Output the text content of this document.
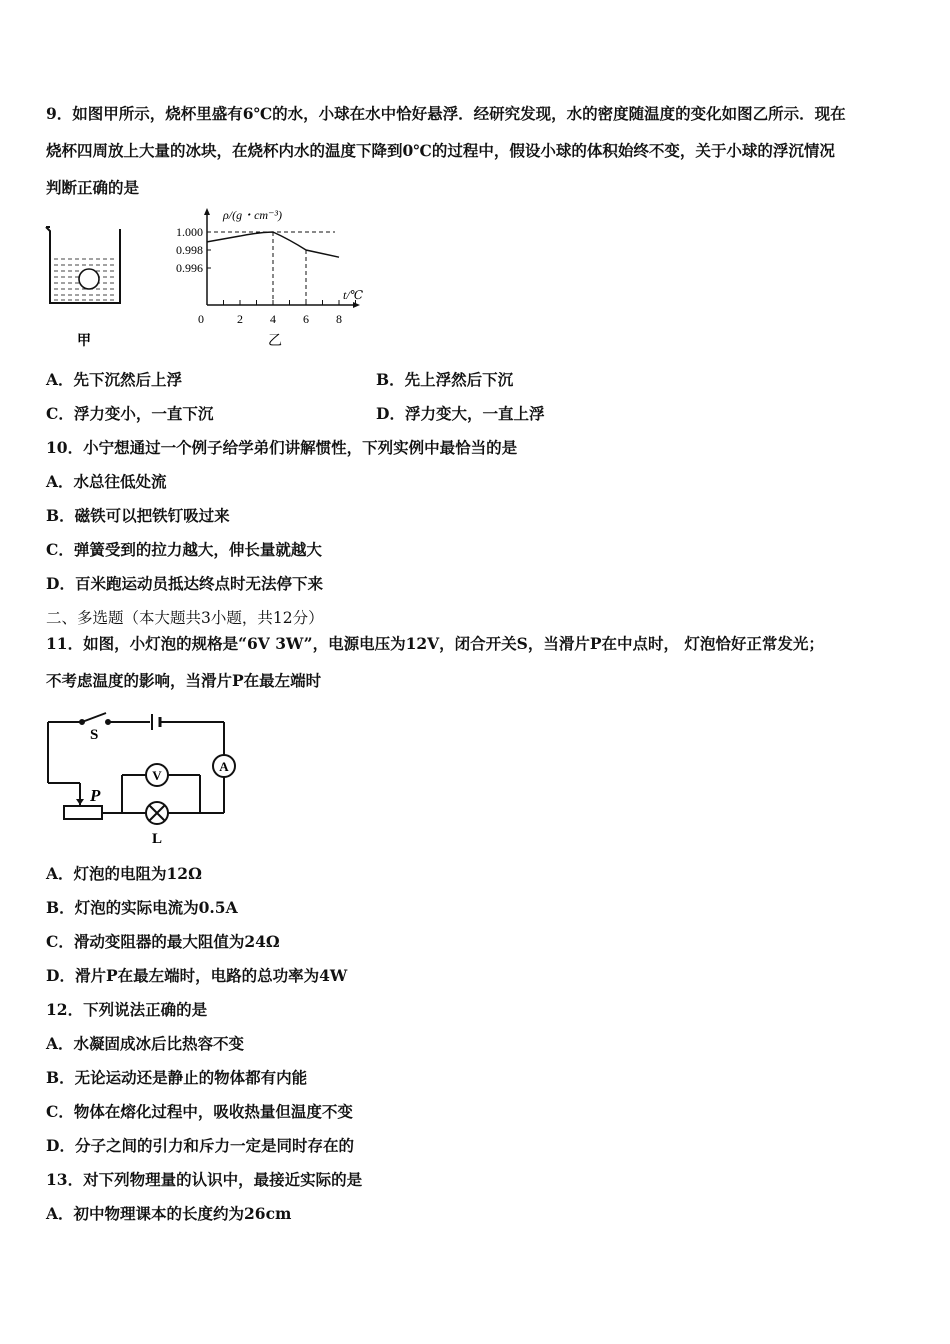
9．如图甲所示，烧杯里盛有6℃的水，小球在水中恰好悬浮．经研究发现，水的密度随温度的变化如图乙所示．现在
烧杯四周放上大量的冰块，在烧杯内水的温度下降到0℃的过程中，假设小球的体积始终不变，关于小球的浮沉情况
判断正确的是
甲
0	2 4 6 8
1.000
0.998
0.996
ρ/(g・cm⁻³)
t/℃
乙
A．先下沉然后上浮	B．先上浮然后下沉
C．浮力变小，一直下沉	D．浮力变大，一直上浮
10．小宁想通过一个例子给学弟们讲解惯性，下列实例中最恰当的是
A．水总往低处流
B．磁铁可以把铁钉吸过来
C．弹簧受到的拉力越大，伸长量就越大
D．百米跑运动员抵达终点时无法停下来
二、多选题（本大题共3小题，共12分）
11．如图，小灯泡的规格是“6V 3W”，电源电压为12V，闭合开关S，当滑片P在中点时， 灯泡恰好正常发光；
不考虑温度的影响，当滑片P在最左端时
S
A
V
P
L
A．灯泡的电阻为12Ω
B．灯泡的实际电流为0.5A
C．滑动变阻器的最大阻值为24Ω
D．滑片P在最左端时，电路的总功率为4W
12．下列说法正确的是
A．水凝固成冰后比热容不变
B．无论运动还是静止的物体都有内能
C．物体在熔化过程中，吸收热量但温度不变
D．分子之间的引力和斥力一定是同时存在的
13．对下列物理量的认识中，最接近实际的是
A．初中物理课本的长度约为26cm
